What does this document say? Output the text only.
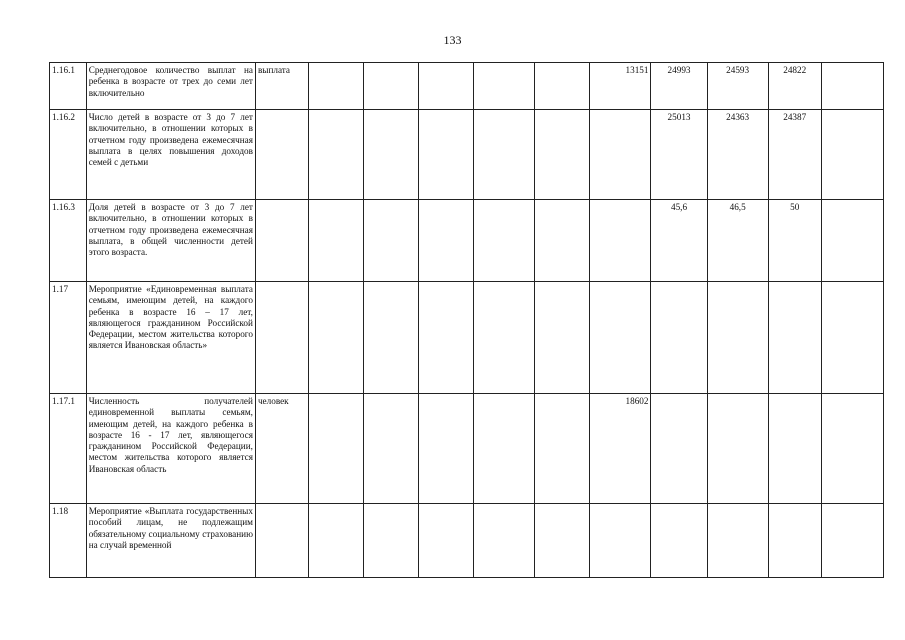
133
1.16.1	Среднегодовое количество выплат на ребенка в возрасте от трех до семи лет включительно	выплата						13151	24993	24593	24822	
1.16.2	Число детей в возрасте от 3 до 7 лет включительно, в отношении которых в отчетном году произведена ежемесячная выплата в целях повышения доходов семей с детьми								25013	24363	24387	
1.16.3	Доля детей в возрасте от 3 до 7 лет включительно, в отношении которых в отчетном году произведена ежемесячная выплата, в общей численности детей этого возраста.								45,6	46,5	50	
1.17	Мероприятие «Единовременная выплата семьям, имеющим детей, на каждого ребенка в возрасте 16 – 17 лет, являющегося гражданином Российской Федерации, местом жительства которого является Ивановская область»											
1.17.1	Численность получателей единовременной выплаты семьям, имеющим детей, на каждого ребенка в возрасте 16 - 17 лет, являющегося гражданином Российской Федерации, местом жительства которого является Ивановская область	человек						18602				
1.18	Мероприятие «Выплата государственных пособий лицам, не подлежащим обязательному социальному страхованию на случай временной											
